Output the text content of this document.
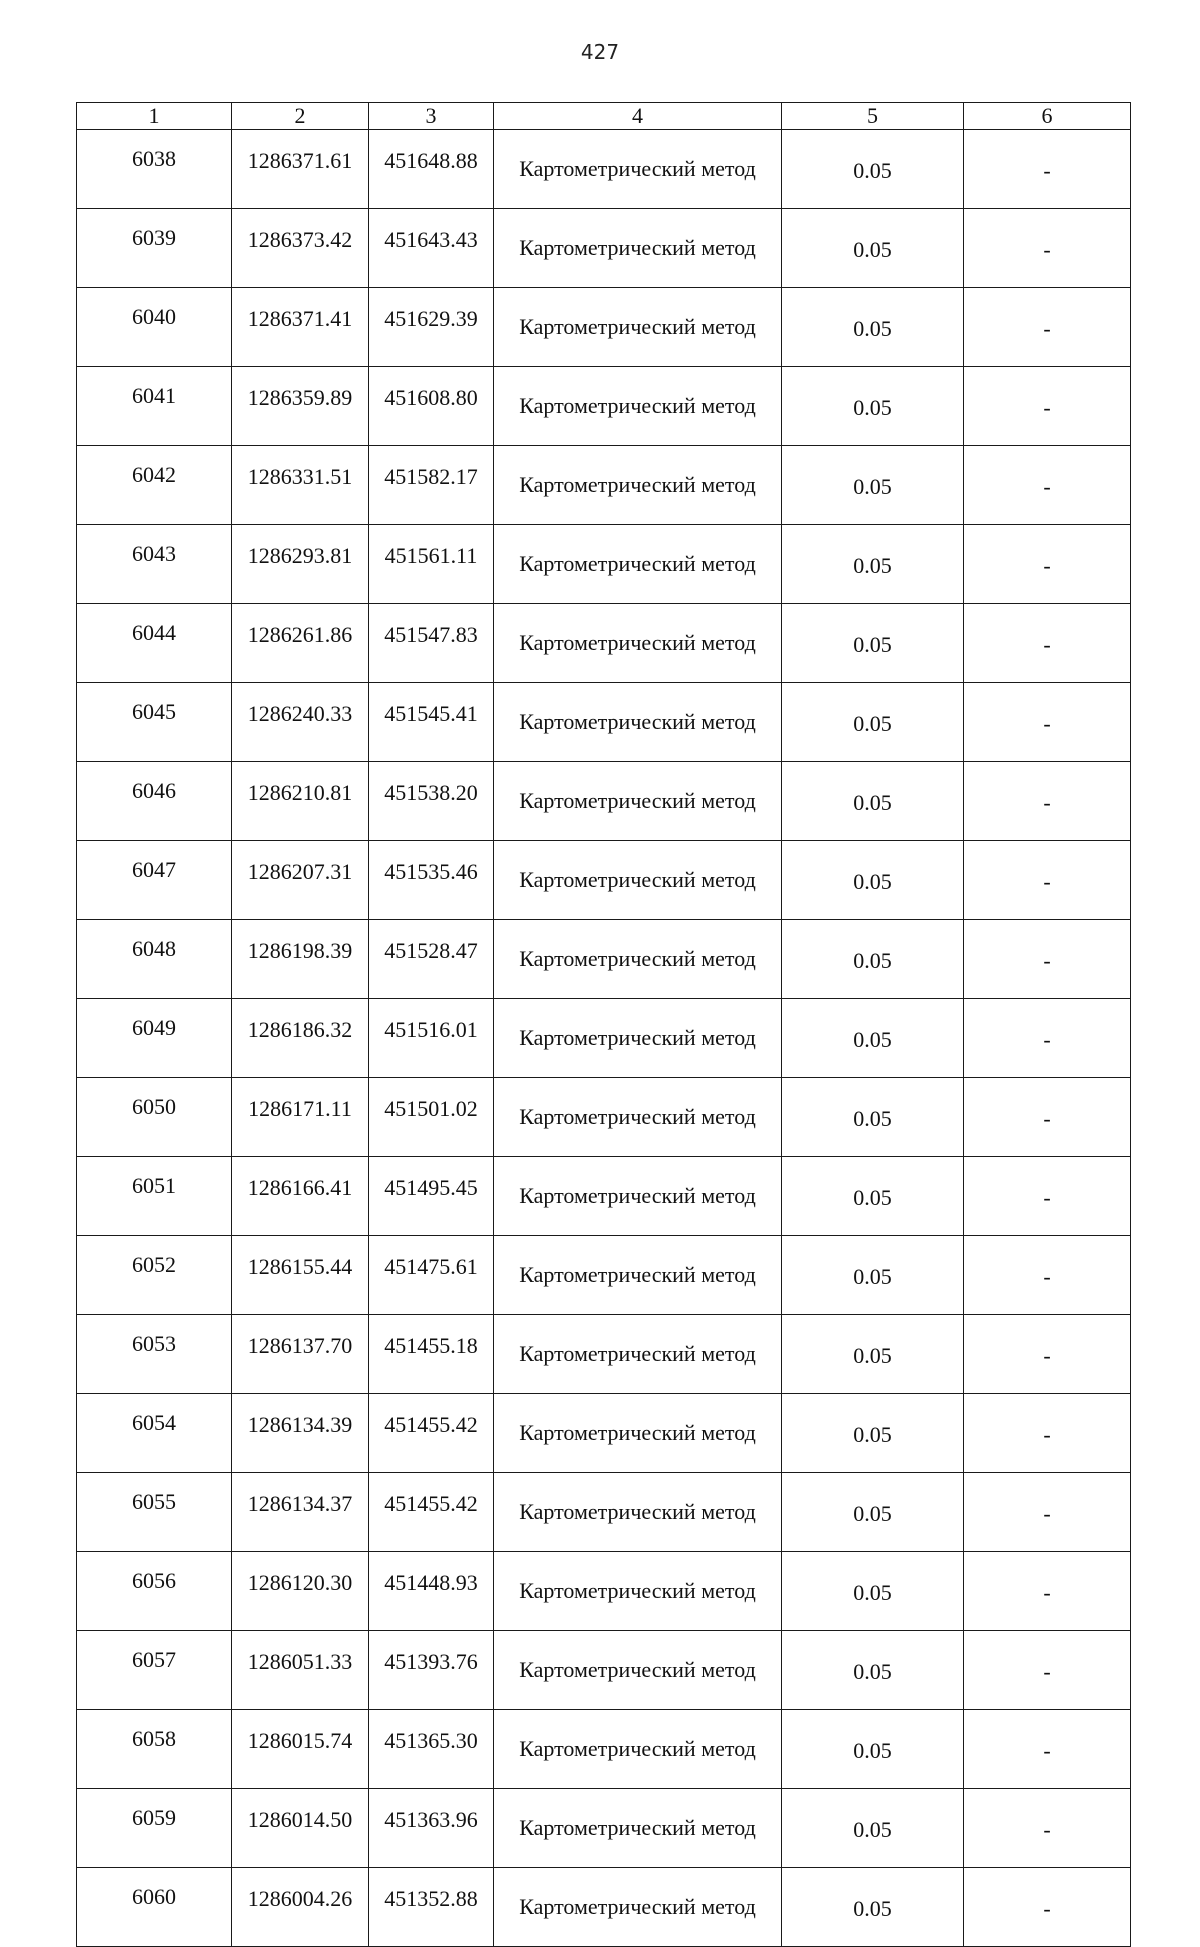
427
1	2	3	4	5	6
6038	1286371.61	451648.88	Картометрический метод	0.05	-
6039	1286373.42	451643.43	Картометрический метод	0.05	-
6040	1286371.41	451629.39	Картометрический метод	0.05	-
6041	1286359.89	451608.80	Картометрический метод	0.05	-
6042	1286331.51	451582.17	Картометрический метод	0.05	-
6043	1286293.81	451561.11	Картометрический метод	0.05	-
6044	1286261.86	451547.83	Картометрический метод	0.05	-
6045	1286240.33	451545.41	Картометрический метод	0.05	-
6046	1286210.81	451538.20	Картометрический метод	0.05	-
6047	1286207.31	451535.46	Картометрический метод	0.05	-
6048	1286198.39	451528.47	Картометрический метод	0.05	-
6049	1286186.32	451516.01	Картометрический метод	0.05	-
6050	1286171.11	451501.02	Картометрический метод	0.05	-
6051	1286166.41	451495.45	Картометрический метод	0.05	-
6052	1286155.44	451475.61	Картометрический метод	0.05	-
6053	1286137.70	451455.18	Картометрический метод	0.05	-
6054	1286134.39	451455.42	Картометрический метод	0.05	-
6055	1286134.37	451455.42	Картометрический метод	0.05	-
6056	1286120.30	451448.93	Картометрический метод	0.05	-
6057	1286051.33	451393.76	Картометрический метод	0.05	-
6058	1286015.74	451365.30	Картометрический метод	0.05	-
6059	1286014.50	451363.96	Картометрический метод	0.05	-
6060	1286004.26	451352.88	Картометрический метод	0.05	-
